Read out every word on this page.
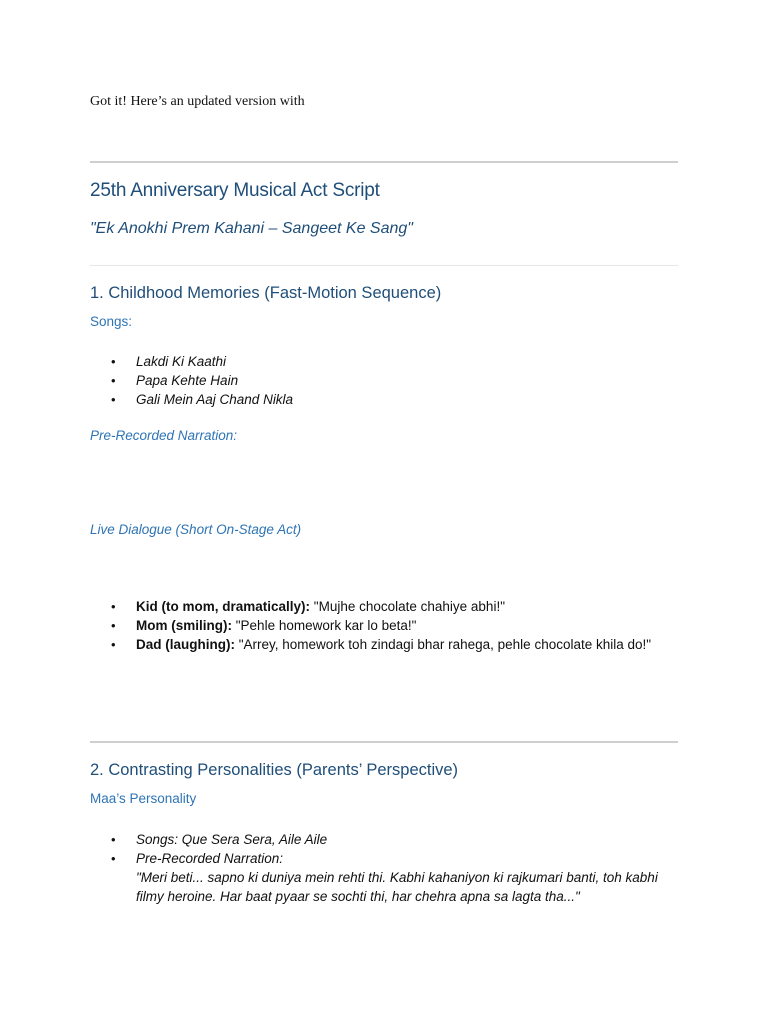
Got it! Here’s an updated version with
25th Anniversary Musical Act Script
"Ek Anokhi Prem Kahani – Sangeet Ke Sang"
1. Childhood Memories (Fast-Motion Sequence)
Songs:
• Lakdi Ki Kaathi
• Papa Kehte Hain
• Gali Mein Aaj Chand Nikla
Pre-Recorded Narration:
Live Dialogue (Short On-Stage Act)
• Kid (to mom, dramatically): "Mujhe chocolate chahiye abhi!"
• Mom (smiling): "Pehle homework kar lo beta!"
• Dad (laughing): "Arrey, homework toh zindagi bhar rahega, pehle chocolate khila do!"
2. Contrasting Personalities (Parents’ Perspective)
Maa’s Personality
• Songs: Que Sera Sera, Aile Aile
• Pre-Recorded Narration:
"Meri beti... sapno ki duniya mein rehti thi. Kabhi kahaniyon ki rajkumari banti, toh kabhi filmy heroine. Har baat pyaar se sochti thi, har chehra apna sa lagta tha..."
